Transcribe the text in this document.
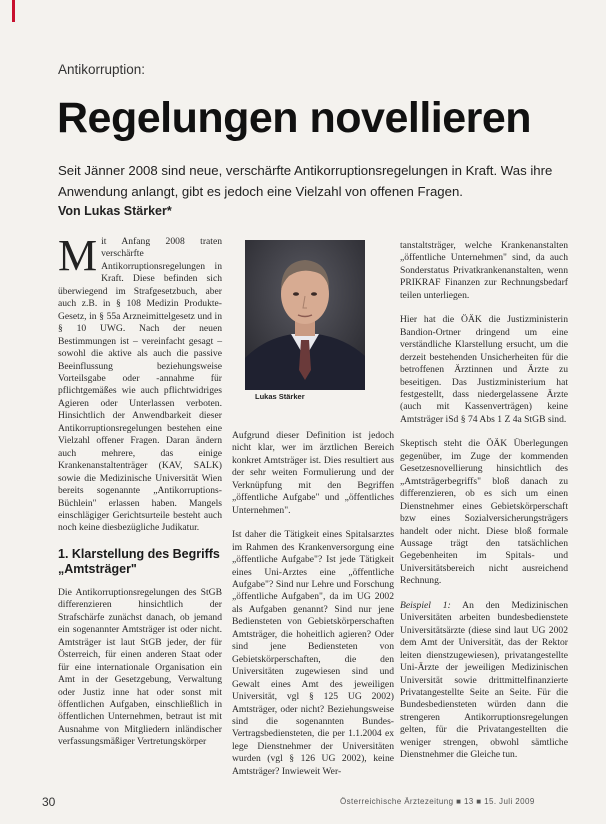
Antikorruption:
Regelungen novellieren

Seit Jänner 2008 sind neue, verschärfte Antikorruptionsregelungen in Kraft. Was ihre Anwendung anlangt, gibt es jedoch eine Vielzahl von offenen Fragen.

Von Lukas Stärker*

Mit Anfang 2008 traten verschärfte Antikorruptionsregelungen in Kraft. Diese befinden sich überwiegend im Strafgesetzbuch, aber auch z.B. in § 108 Medizin Produkte-Gesetz, in § 55a Arzneimittelgesetz und in § 10 UWG. Nach der neuen Bestimmungen ist – vereinfacht gesagt – sowohl die aktive als auch die passive Beeinflussung beziehungsweise Vorteilsgabe oder -annahme für pflichtgemäßes wie auch pflichtwidriges Agieren oder Unterlassen verboten. Hinsichtlich der Anwendbarkeit dieser Antikorruptionsregelungen bestehen eine Vielzahl offener Fragen. Daran ändern auch mehrere, das einige Krankenanstaltenträger (KAV, SALK) sowie die Medizinische Universität Wien bereits sogenannte „Antikorruptions-Büchlein" erlassen haben. Mangels einschlägiger Gerichtsurteile besteht auch noch keine diesbezügliche Judikatur.

1. Klarstellung des Begriffs „Amtsträger"

Die Antikorruptionsregelungen des StGB differenzieren hinsichtlich der Strafschärfe zunächst danach, ob jemand ein sogenannter Amtsträger ist oder nicht. Amtsträger ist laut StGB jeder, der für Österreich, für einen anderen Staat oder für eine internationale Organisation ein Amt in der Gesetzgebung, Verwaltung oder Justiz inne hat oder sonst mit öffentlichen Aufgaben, einschließlich in öffentlichen Unternehmen, betraut ist mit Ausnahme von Mitgliedern inländischer verfassungsmäßiger Vertretungskörper

Lukas Stärker

Aufgrund dieser Definition ist jedoch nicht klar, wer im ärztlichen Bereich konkret Amtsträger ist. Dies resultiert aus der sehr weiten Formulierung und der Verknüpfung mit den Begriffen „öffentliche Aufgabe" und „öffentliches Unternehmen".

Ist daher die Tätigkeit eines Spitalsarztes im Rahmen des Krankenversorgung eine „öffentliche Aufgabe"? Ist jede Tätigkeit eines Uni-Arztes eine „öffentliche Aufgabe"? Sind nur Lehre und Forschung „öffentliche Aufgaben", da im UG 2002 als Aufgaben genannt? Sind nur jene Bediensteten von Gebietskörperschaften Amtsträger, die hoheitlich agieren? Oder sind jene Bediensteten von Gebietskörperschaften, die den Universitäten zugewiesen sind und Gewalt eines Amt des jeweiligen Universität, vgl § 125 UG 2002) Amtsträger, oder nicht? Beziehungsweise sind die sogenannten Bundes-Vertragsbediensteten, die per 1.1.2004 ex lege Dienstnehmer der Universitäten wurden (vgl § 126 UG 2002), keine Amtsträger? Inwieweit Wer-

tanstaltsträger, welche Krankenanstalten „öffentliche Unternehmen" sind, da auch Sonderstatus Privatkrankenanstalten, wenn PRIKRAF Finanzen zur Rechnungsbedarf teilen unterliegen.

Hier hat die ÖÄK die Justizministerin Bandion-Ortner dringend um eine verständliche Klarstellung ersucht, um die derzeit bestehenden Unsicherheiten für die betroffenen Ärztinnen und Ärzte zu beseitigen. Das Justizministerium hat festgestellt, dass niedergelassene Ärzte (auch mit Kassenverträgen) keine Amtsträger iSd § 74 Abs 1 Z 4a StGB sind.

Skeptisch steht die ÖÄK Überlegungen gegenüber, im Zuge der kommenden Gesetzesnovellierung hinsichtlich des „Amtsträgerbegriffs" bloß danach zu differenzieren, ob es sich um einen Dienstnehmer eines Gebietskörperschaft bzw eines Sozialversicherungsträgers handelt oder nicht. Diese bloß formale Aussage trägt den tatsächlichen Gegebenheiten im Spitals- und Universitätsbereich nicht ausreichend Rechnung.

Beispiel 1: An den Medizinischen Universitäten arbeiten bundesbedienstete Universitätsärzte (diese sind laut UG 2002 dem Amt der Universität, das der Rektor leiten dienstzugewiesen), privatangestellte Uni-Ärzte der jeweiligen Medizinischen Universität sowie drittmittelfinanzierte Privatangestellte Seite an Seite. Für die Bundesbediensteten würden dann die strengeren Antikorruptionsregelungen gelten, für die Privatangestellten die weniger strengen, obwohl sämtliche Dienstnehmer die Gleiche tun.

30	Österreichische Ärztezeitung ■ 13 ■ 15. Juli 2009
